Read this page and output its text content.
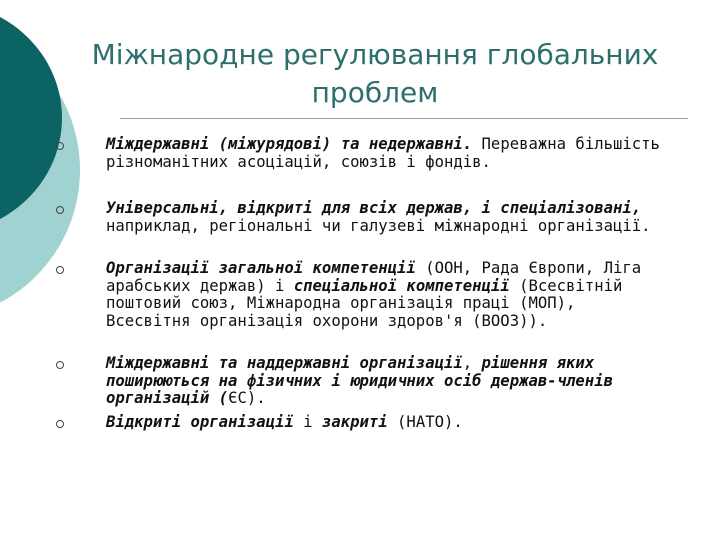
Міжнародне регулювання глобальних
проблем

Міждержавні (міжурядові) та недержавні. Переважна більшість різноманітних асоціацій, союзів і фондів.

Універсальні, відкриті для всіх держав, і спеціалізовані, наприклад, регіональні чи галузеві міжнародні організації.

Організації загальної компетенції (ООН, Рада Європи, Ліга арабських держав) і спеціальної компетенції (Всесвітній поштовий союз, Міжнародна організація праці (МОП), Всесвітня організація охорони здоров'я (ВООЗ)).

Міждержавні та наддержавні організації, рішення яких поширюються на фізичних і юридичних осіб держав-членів організацій (ЄС).

Відкриті організації і закриті (НАТО).
